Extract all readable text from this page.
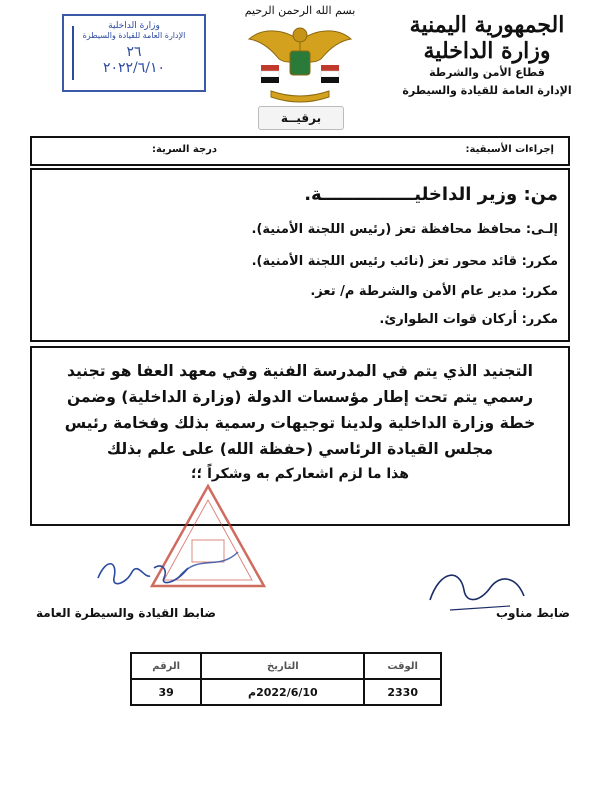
الجمهورية اليمنية
وزارة الداخلية
قطاع الأمن والشرطة
الإدارة العامة للقيادة والسيطرة
بسم الله الرحمن الرحيم
وزارة الداخلية
الإدارة العامة للقيادة والسيطرة
٢٦
٢٠٢٢/٦/١٠
برقيــة
إجراءات الأسبقية:
درجة السرية:
من: وزير الداخليـــــــــــــــة.
إلـى: محافظ محافظة تعز (رئيس اللجنة الأمنية).
مكرر: قائد محور تعز (نائب رئيس اللجنة الأمنية).
مكرر: مدير عام الأمن والشرطة م/ تعز.
مكرر: أركان قوات الطوارئ.
التجنيد الذي يتم في المدرسة الفنية وفي معهد العفا هو تجنيد
رسمي يتم تحت إطار مؤسسات الدولة (وزارة الداخلية) وضمن
خطة وزارة الداخلية ولدينا توجيهات رسمية بذلك وفخامة رئيس
مجلس القيادة الرئاسي (حفظة الله) على علم بذلك
هذا ما لزم اشعاركم به وشكراً ؛؛
ضابط مناوب
ضابط القيادة والسيطرة العامة
الوقت	التاريخ	الرقم
2330	2022/6/10م	39
